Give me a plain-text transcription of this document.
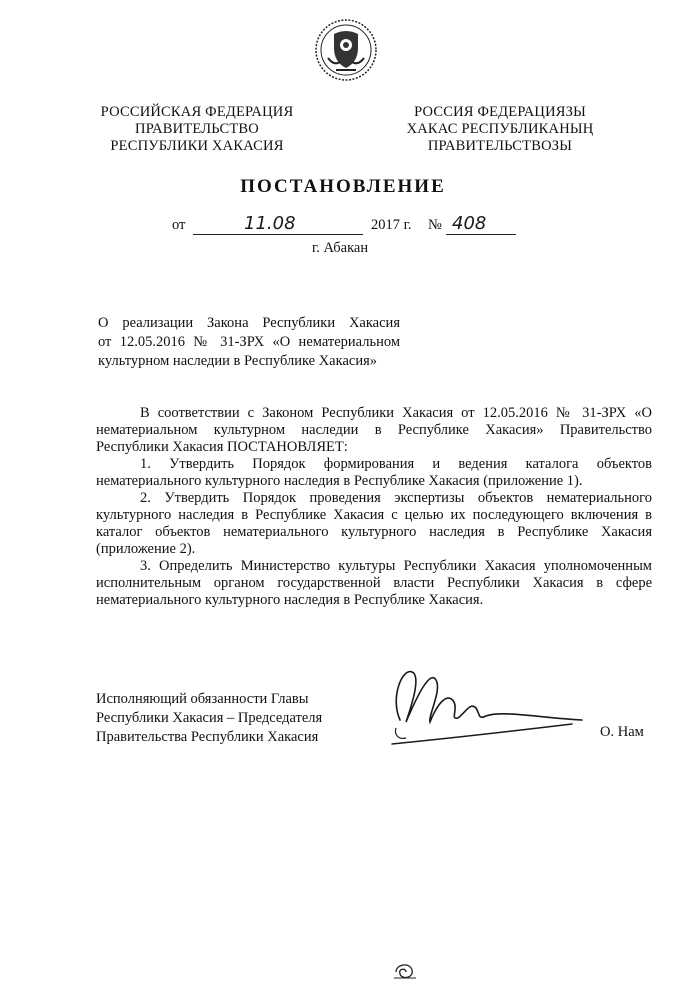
РОССИЙСКАЯ ФЕДЕРАЦИЯ
ПРАВИТЕЛЬСТВО
РЕСПУБЛИКИ ХАКАСИЯ
РОССИЯ ФЕДЕРАЦИЯЗЫ
ХАКАС РЕСПУБЛИКАНЫҢ
ПРАВИТЕЛЬСТВОЗЫ
ПОСТАНОВЛЕНИЕ
от	11.08	2017 г. № 408
г. Абакан
О реализации Закона Республики Хакасия
от 12.05.2016 № 31-ЗРХ «О нематериальном
культурном наследии в Республике Хакасия»

В соответствии с Законом Республики Хакасия от 12.05.2016 № 31-ЗРХ «О нематериальном культурном наследии в Республике Хакасия» Правительство Республики Хакасия ПОСТАНОВЛЯЕТ:

1. Утвердить Порядок формирования и ведения каталога объектов нематериального культурного наследия в Республике Хакасия (приложение 1).

2. Утвердить Порядок проведения экспертизы объектов нематериального культурного наследия в Республике Хакасия с целью их последующего включения в каталог объектов нематериального культурного наследия в Республике Хакасия (приложение 2).

3. Определить Министерство культуры Республики Хакасия уполномоченным исполнительным органом государственной власти Республики Хакасия в сфере нематериального культурного наследия в Республике Хакасия.

Исполняющий обязанности Главы
Республики Хакасия – Председателя
Правительства Республики Хакасия	О. Нам
